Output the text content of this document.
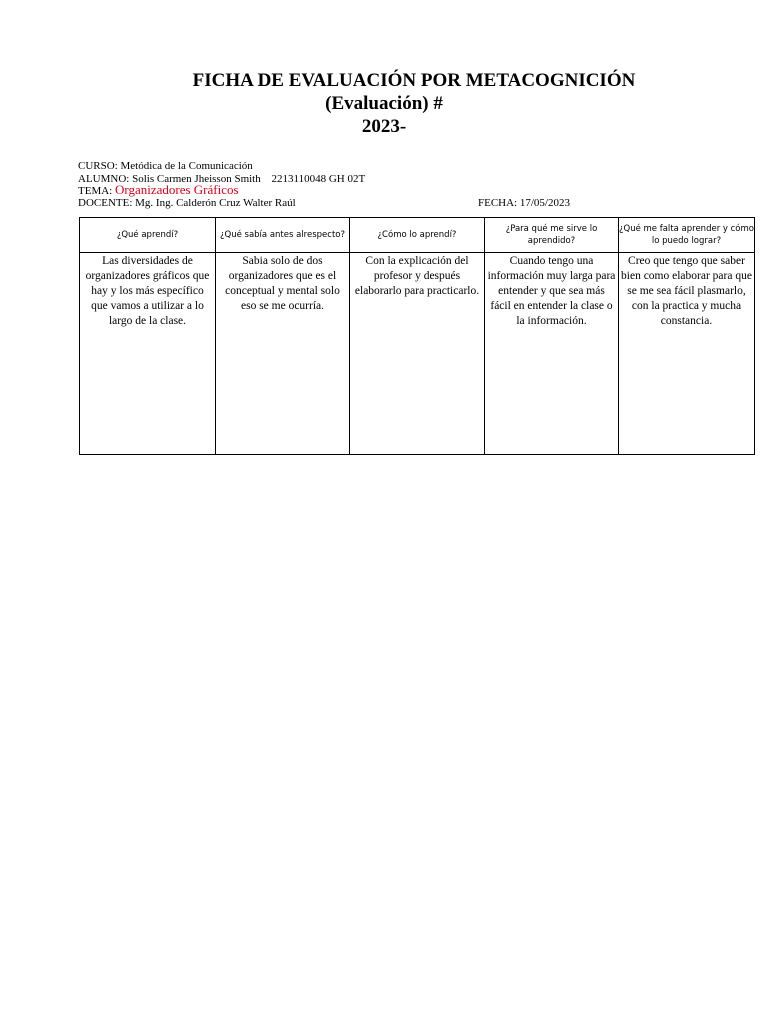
FICHA DE EVALUACIÓN POR METACOGNICIÓN
(Evaluación) #
2023-
CURSO: Metódica de la Comunicación
ALUMNO: Solis Carmen Jheisson Smith 2213110048 GH 02T
TEMA: Organizadores Gráficos
DOCENTE: Mg. Ing. Calderón Cruz Walter Raúl	FECHA: 17/05/2023
¿Qué aprendí?	¿Qué sabía antes alrespecto?	¿Cómo lo aprendí?	¿Para qué me sirve lo aprendido?	¿Qué me falta aprender y cómo lo puedo lograr?

Las diversidades de organizadores gráficos que hay y los más específico que vamos a utilizar a lo largo de la clase.	Sabia solo de dos organizadores que es el conceptual y mental solo eso se me ocurría.	Con la explicación del profesor y después elaborarlo para practicarlo.	Cuando tengo una información muy larga para entender y que sea más fácil en entender la clase o la información.	Creo que tengo que saber bien como elaborar para que se me sea fácil plasmarlo, con la practica y mucha constancia.
